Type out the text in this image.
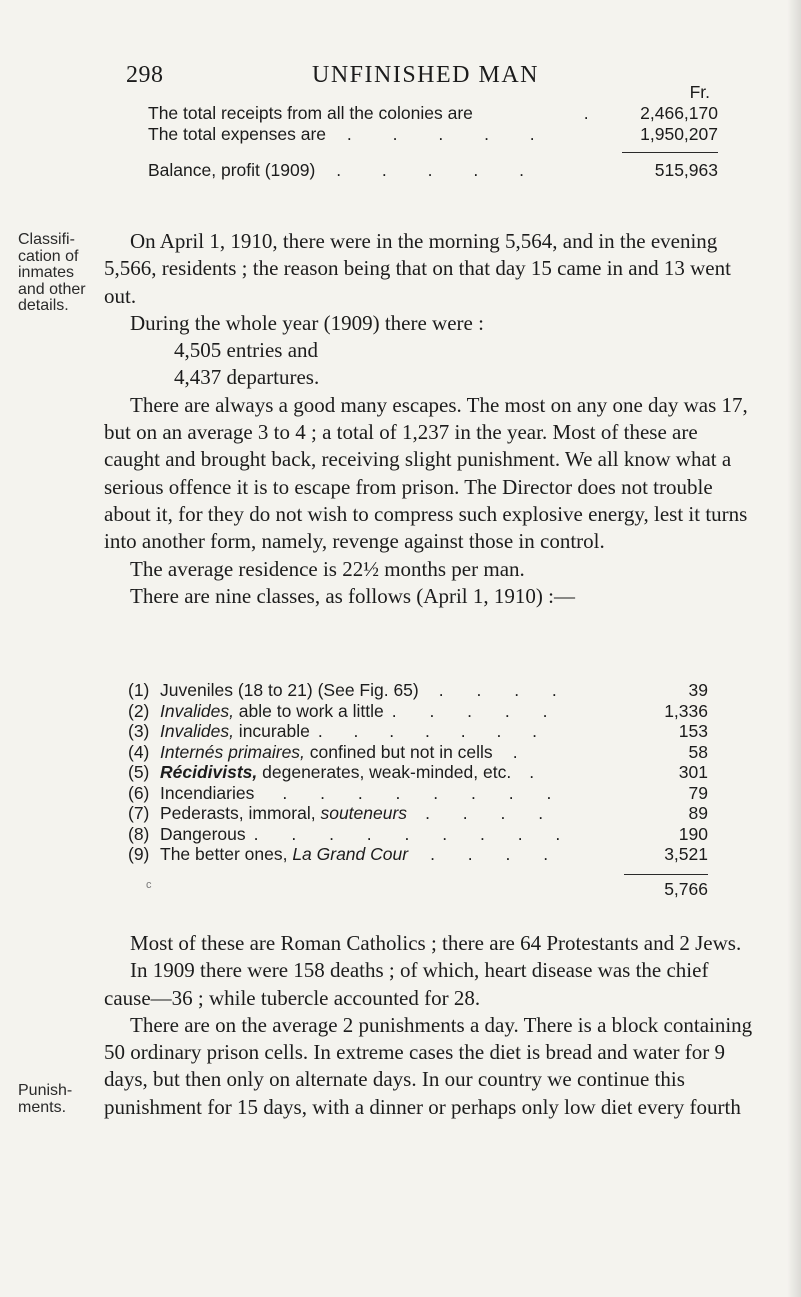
298	UNFINISHED MAN
Fr.
The total receipts from all the colonies are	.	2,466,170
The total expenses are . . . . .	1,950,207
Balance, profit (1909) . . . . .	515,963
Classifi-
cation of
inmates
and other
details.
Punish-
ments.

On April 1, 1910, there were in the morning 5,564, and in the evening 5,566, residents ; the reason being that on that day 15 came in and 13 went out.

During the whole year (1909) there were :

4,505 entries and

4,437 departures.

There are always a good many escapes. The most on any one day was 17, but on an average 3 to 4 ; a total of 1,237 in the year. Most of these are caught and brought back, receiving slight punishment. We all know what a serious offence it is to escape from prison. The Director does not trouble about it, for they do not wish to compress such explosive energy, lest it turns into another form, namely, revenge against those in control.

The average residence is 22½ months per man.

There are nine classes, as follows (April 1, 1910) :—

(1) Juveniles (18 to 21) (See Fig. 65) . . . .	39
(2) Invalides, able to work a little . . . . .	1,336
(3) Invalides, incurable . . . . . . .	153
(4) Internés primaires, confined but not in cells .	58
(5) Récidivists, degenerates, weak-minded, etc. .	301
(6) Incendiaries . . . . . . . .	79
(7) Pederasts, immoral, souteneurs . . . .	89
(8) Dangerous . . . . . . . . .	190
(9) The better ones, La Grand Cour . . . .	3,521
c	5,766

Most of these are Roman Catholics ; there are 64 Protestants and 2 Jews.

In 1909 there were 158 deaths ; of which, heart disease was the chief cause—36 ; while tubercle accounted for 28.

There are on the average 2 punishments a day. There is a block containing 50 ordinary prison cells. In extreme cases the diet is bread and water for 9 days, but then only on alternate days. In our country we continue this punishment for 15 days, with a dinner or perhaps only low diet every fourth
